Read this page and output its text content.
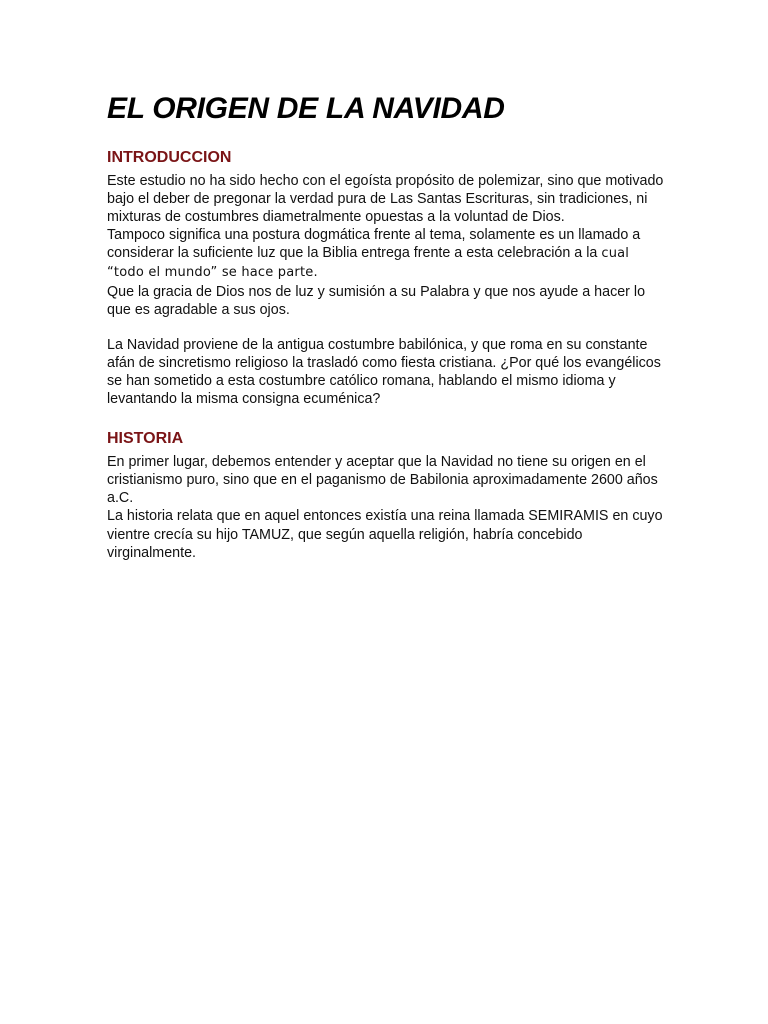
EL ORIGEN DE LA NAVIDAD
INTRODUCCION

Este estudio no ha sido hecho con el egoísta propósito de polemizar, sino que motivado bajo el deber de pregonar la verdad pura de Las Santas Escrituras, sin tradiciones, ni mixturas de costumbres diametralmente opuestas a la voluntad de Dios.

Tampoco significa una postura dogmática frente al tema, solamente es un llamado a considerar la suficiente luz que la Biblia entrega frente a esta celebración a la cual “todo el mundo” se hace parte.

Que la gracia de Dios nos de luz y sumisión a su Palabra y que nos ayude a hacer lo que es agradable a sus ojos.

La Navidad proviene de la antigua costumbre babilónica, y que roma en su constante afán de sincretismo religioso la trasladó como fiesta cristiana. ¿Por qué los evangélicos se han sometido a esta costumbre católico romana, hablando el mismo idioma y levantando la misma consigna ecuménica?

HISTORIA

En primer lugar, debemos entender y aceptar que la Navidad no tiene su origen en el cristianismo puro, sino que en el paganismo de Babilonia aproximadamente 2600 años a.C.

La historia relata que en aquel entonces existía una reina llamada SEMIRAMIS en cuyo vientre crecía su hijo TAMUZ, que según aquella religión, habría concebido virginalmente.
